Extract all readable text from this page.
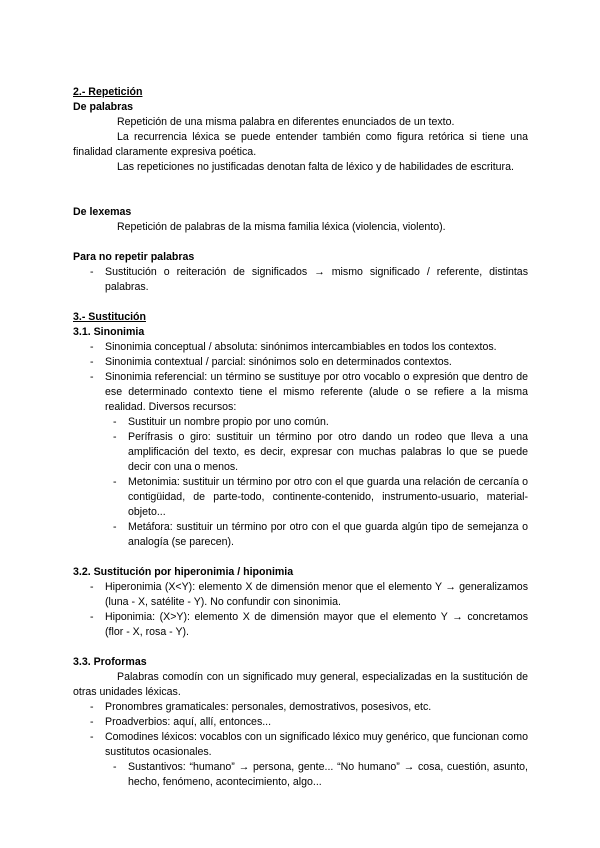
2.- Repetición

De palabras

Repetición de una misma palabra en diferentes enunciados de un texto.

La recurrencia léxica se puede entender también como figura retórica si tiene una finalidad claramente expresiva poética.

Las repeticiones no justificadas denotan falta de léxico y de habilidades de escritura.

De lexemas

Repetición de palabras de la misma familia léxica (violencia, violento).

Para no repetir palabras

- Sustitución o reiteración de significados → mismo significado / referente, distintas palabras.

3.- Sustitución

3.1. Sinonimia

- Sinonimia conceptual / absoluta: sinónimos intercambiables en todos los contextos.
- Sinonimia contextual / parcial: sinónimos solo en determinados contextos.
- Sinonimia referencial: un término se sustituye por otro vocablo o expresión que dentro de ese determinado contexto tiene el mismo referente (alude o se refiere a la misma realidad. Diversos recursos:
- Sustituir un nombre propio por uno común.
- Perífrasis o giro: sustituir un término por otro dando un rodeo que lleva a una amplificación del texto, es decir, expresar con muchas palabras lo que se puede decir con una o menos.
- Metonimia: sustituir un término por otro con el que guarda una relación de cercanía o contigüidad, de parte-todo, continente-contenido, instrumento-usuario, material-objeto...
- Metáfora: sustituir un término por otro con el que guarda algún tipo de semejanza o analogía (se parecen).

3.2. Sustitución por hiperonimia / hiponimia

- Hiperonimia (X<Y): elemento X de dimensión menor que el elemento Y → generalizamos (luna - X, satélite - Y). No confundir con sinonimia.
- Hiponimia: (X>Y): elemento X de dimensión mayor que el elemento Y → concretamos (flor - X, rosa - Y).

3.3. Proformas

Palabras comodín con un significado muy general, especializadas en la sustitución de otras unidades léxicas.

- Pronombres gramaticales: personales, demostrativos, posesivos, etc.
- Proadverbios: aquí, allí, entonces...
- Comodines léxicos: vocablos con un significado léxico muy genérico, que funcionan como sustitutos ocasionales.
- Sustantivos: “humano” → persona, gente... “No humano” → cosa, cuestión, asunto, hecho, fenómeno, acontecimiento, algo...
